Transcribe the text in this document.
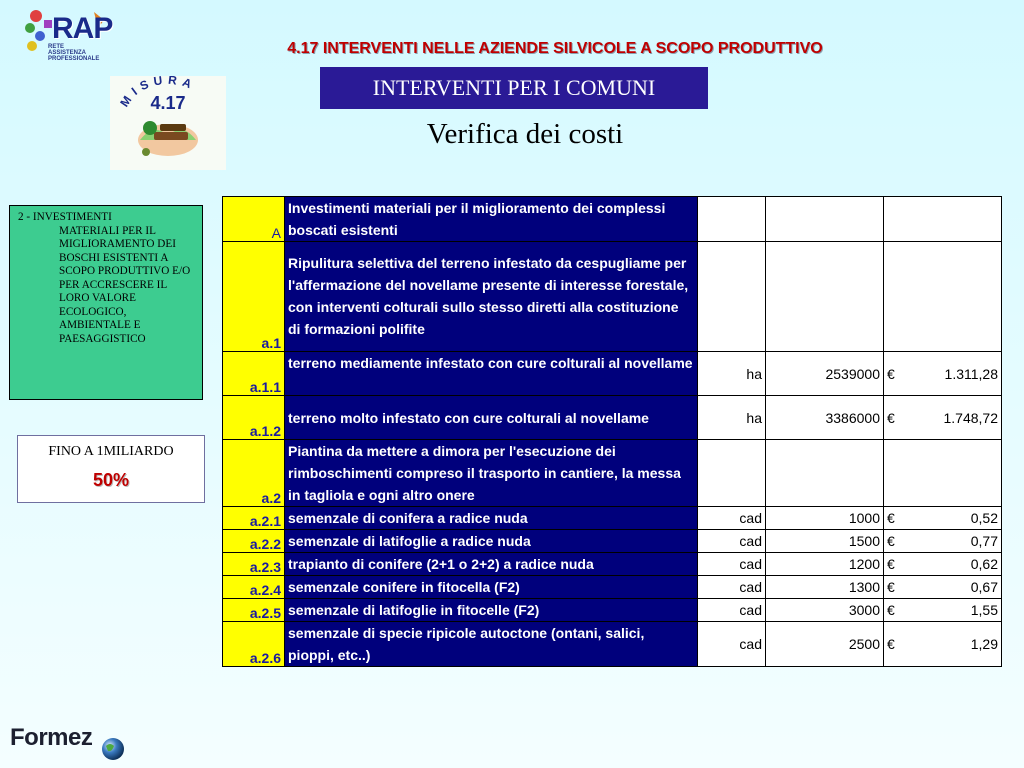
RAP
RETE
ASSISTENZA
PROFESSIONALE
4.17 INTERVENTI NELLE AZIENDE SILVICOLE A SCOPO PRODUTTIVO
INTERVENTI PER I COMUNI
Verifica dei costi
MISURA
4.17
2 - INVESTIMENTI
MATERIALI PER IL MIGLIORAMENTO DEI BOSCHI ESISTENTI A SCOPO PRODUTTIVO E/O PER ACCRESCERE IL LORO VALORE ECOLOGICO, AMBIENTALE E PAESAGGISTICO
FINO A 1MILIARDO
50%
A	Investimenti materiali per il miglioramento dei complessi boscati esistenti			

a.1	Ripulitura selettiva del terreno infestato da cespugliame per l'affermazione del novellame presente di interesse forestale, con interventi colturali sullo stesso diretti alla costituzione di formazioni polifite			

a.1.1	terreno mediamente infestato con cure colturali al novellame	ha	2539000	€ 1.311,28

a.1.2	terreno molto infestato con cure colturali al novellame	ha	3386000	€ 1.748,72

a.2	Piantina da mettere a dimora per l'esecuzione dei rimboschimenti compreso il trasporto in cantiere, la messa in tagliola e ogni altro onere			

a.2.1	semenzale di conifera a radice nuda	cad	1000	€ 0,52

a.2.2	semenzale di latifoglie a radice nuda	cad	1500	€ 0,77

a.2.3	trapianto di conifere (2+1 o 2+2) a radice nuda	cad	1200	€ 0,62

a.2.4	semenzale conifere in fitocella (F2)	cad	1300	€ 0,67

a.2.5	semenzale di latifoglie in fitocelle (F2)	cad	3000	€ 1,55

a.2.6	semenzale di specie ripicole autoctone (ontani, salici, pioppi, etc..)	cad	2500	€ 1,29
Formez
